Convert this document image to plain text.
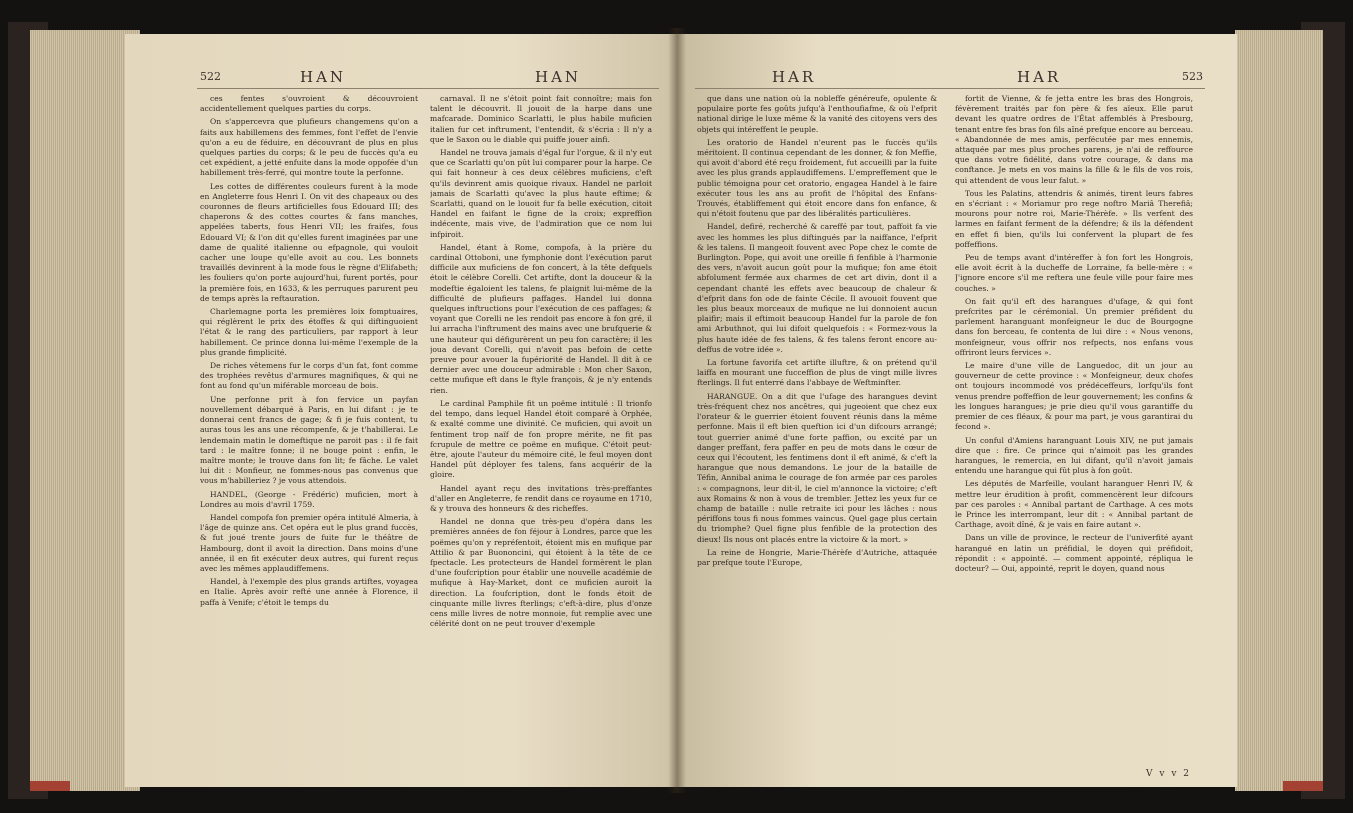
522	HAN	HAN

ces fentes s'ouvroient & découvroient accidentellement quelques parties du corps.

On s'appercevra que plufieurs changemens qu'on a faits aux habillemens des femmes, font l'effet de l'envie qu'on a eu de féduire, en découvrant de plus en plus quelques parties du corps; & le peu de fuccès qu'a eu cet expédient, a jetté enfuite dans la mode oppofée d'un habillement très-ferré, qui montre toute la perfonne.

Les cottes de différentes couleurs furent à la mode en Angleterre fous Henri I. On vit des chapeaux ou des couronnes de fleurs artificielles fous Edouard III; des chaperons & des cottes courtes & fans manches, appelées taberts, fous Henri VII; les fraifes, fous Edouard VI; & l'on dit qu'elles furent imaginées par une dame de qualité italienne ou efpagnole, qui vouloit cacher une loupe qu'elle avoit au cou. Les bonnets travaillés devinrent à la mode fous le règne d'Elifabeth; les fouliers qu'on porte aujourd'hui, furent portés, pour la première fois, en 1633, & les perruques parurent peu de temps après la reftauration.

Charlemagne porta les premières loix fomptuaires, qui réglèrent le prix des étoffes & qui diftinguoient l'état & le rang des particuliers, par rapport à leur habillement. Ce prince donna lui-même l'exemple de la plus grande fimplicité.

De riches vêtemens fur le corps d'un fat, font comme des trophées revêtus d'armures magnifiques, & qui ne font au fond qu'un miférable morceau de bois.

Une perfonne prit à fon fervice un payfan nouvellement débarqué à Paris, en lui difant : je te donnerai cent francs de gage; & fi je fuis content, tu auras tous les ans une récompenfe, & je t'habillerai. Le lendemain matin le domeftique ne paroit pas : il fe fait tard : le maître fonne; il ne bouge point : enfin, le maître monte; le trouve dans fon lit; fe fâche. Le valet lui dit : Monfieur, ne fommes-nous pas convenus que vous m'habilleriez ? je vous attendois.

HANDEL, (George - Frédéric) muficien, mort à Londres au mois d'avril 1759.

Handel compofa fon premier opéra intitulé Almeria, à l'âge de quinze ans. Cet opéra eut le plus grand fuccès, & fut joué trente jours de fuite fur le théâtre de Hambourg, dont il avoit la direction. Dans moins d'une année, il en fit exécuter deux autres, qui furent reçus avec les mêmes applaudiffemens.

Handel, à l'exemple des plus grands artiftes, voyagea en Italie. Après avoir refté une année à Florence, il paffa à Venife; c'étoit le temps du

carnaval. Il ne s'étoit point fait connoître; mais fon talent le découvrit. Il jouoit de la harpe dans une mafcarade. Dominico Scarlatti, le plus habile muficien italien fur cet inftrument, l'entendit, & s'écria : Il n'y a que le Saxon ou le diable qui puiffe jouer ainfi.

Handel ne trouva jamais d'égal fur l'orgue, & il n'y eut que ce Scarlatti qu'on pût lui comparer pour la harpe. Ce qui fait honneur à ces deux célèbres muficiens, c'eft qu'ils devinrent amis quoique rivaux. Handel ne parloit jamais de Scarlatti qu'avec la plus haute eftime; & Scarlatti, quand on le louoit fur fa belle exécution, citoit Handel en faifant le figne de la croix; expreffion indécente, mais vive, de l'admiration que ce nom lui infpiroit.

Handel, étant à Rome, compofa, à la prière du cardinal Ottoboni, une fymphonie dont l'exécution parut difficile aux muficiens de fon concert, à la tête defquels étoit le célèbre Corelli. Cet artifte, dont la douceur & la modeftie égaloient les talens, fe plaignit lui-même de la difficulté de plufieurs paffages. Handel lui donna quelques inftructions pour l'exécution de ces paffages; & voyant que Corelli ne les rendoit pas encore à fon gré, il lui arracha l'inftrument des mains avec une brufquerie & une hauteur qui défigurèrent un peu fon caractère; il les joua devant Corelli, qui n'avoit pas befoin de cette preuve pour avouer la fupériorité de Handel. Il dit à ce dernier avec une douceur admirable : Mon cher Saxon, cette mufique eft dans le ftyle françois, & je n'y entends rien.

Le cardinal Pamphile fit un poëme intitulé : Il trionfo del tempo, dans lequel Handel étoit comparé à Orphée, & exalté comme une divinité. Ce muficien, qui avoit un fentiment trop naïf de fon propre mérite, ne fit pas fcrupule de mettre ce poëme en mufique. C'étoit peut-être, ajoute l'auteur du mémoire cité, le feul moyen dont Handel pût déployer fes talens, fans acquérir de la gloire.

Handel ayant reçu des invitations très-preffantes d'aller en Angleterre, fe rendit dans ce royaume en 1710, & y trouva des honneurs & des richeffes.

Handel ne donna que très-peu d'opéra dans les premières années de fon féjour à Londres, parce que les poëmes qu'on y repréfentoit, étoient mis en mufique par Attilio & par Buononcini, qui étoient à la tête de ce fpectacle. Les protecteurs de Handel formèrent le plan d'une foufcription pour établir une nouvelle académie de mufique à Hay-Market, dont ce muficien auroit la direction. La foufcription, dont le fonds étoit de cinquante mille livres fterlings; c'eft-à-dire, plus d'onze cens mille livres de notre monnoie, fut remplie avec une célérité dont on ne peut trouver d'exemple

HAR	HAR	523

que dans une nation où la nobleffe généreufe, opulente & populaire porte fes goûts jufqu'à l'enthoufiafme, & où l'efprit national dirige le luxe même & la vanité des citoyens vers des objets qui intéreffent le peuple.

Les oratorio de Handel n'eurent pas le fuccès qu'ils méritoient. Il continua cependant de les donner, & fon Meffie, qui avoit d'abord été reçu froidement, fut accueilli par la fuite avec les plus grands applaudiffemens. L'empreffement que le public témoigna pour cet oratorio, engagea Handel à le faire exécuter tous les ans au profit de l'hôpital des Enfans-Trouvés, établiffement qui étoit encore dans fon enfance, & qui n'étoit foutenu que par des libéralités particulières.

Handel, defiré, recherché & careffé par tout, paffoit fa vie avec les hommes les plus diftingués par la naiffance, l'efprit & les talens. Il mangeoit fouvent avec Pope chez le comte de Burlington. Pope, qui avoit une oreille fi fenfible à l'harmonie des vers, n'avoit aucun goût pour la mufique; fon ame étoit abfolument fermée aux charmes de cet art divin, dont il a cependant chanté les effets avec beaucoup de chaleur & d'efprit dans fon ode de fainte Cécile. Il avouoit fouvent que les plus beaux morceaux de mufique ne lui donnoient aucun plaifir; mais il eftimoit beaucoup Handel fur la parole de fon ami Arbuthnot, qui lui difoit quelquefois : « Formez-vous la plus haute idée de fes talens, & fes talens feront encore au-deffus de votre idée ».

La fortune favorifa cet artifte illuftre, & on prétend qu'il laiffa en mourant une fucceffion de plus de vingt mille livres fterlings. Il fut enterré dans l'abbaye de Weftminfter.

HARANGUE. On a dit que l'ufage des harangues devint très-fréquent chez nos ancêtres, qui jugeoient que chez eux l'orateur & le guerrier étoient fouvent réunis dans la même perfonne. Mais il eft bien queftion ici d'un difcours arrangé; tout guerrier animé d'une forte paffion, ou excité par un danger preffant, fera paffer en peu de mots dans le cœur de ceux qui l'écoutent, les fentimens dont il eft animé, & c'eft la harangue que nous demandons. Le jour de la bataille de Téfin, Annibal anima le courage de fon armée par ces paroles : « compagnons, leur dit-il, le ciel m'annonce la victoire; c'eft aux Romains & non à vous de trembler. Jettez les yeux fur ce champ de bataille : nulle retraite ici pour les lâches : nous périffons tous fi nous fommes vaincus. Quel gage plus certain du triomphe? Quel figne plus fenfible de la protection des dieux! Ils nous ont placés entre la victoire & la mort. »

La reine de Hongrie, Marie-Thérèfe d'Autriche, attaquée par prefque toute l'Europe,

fortit de Vienne, & fe jetta entre les bras des Hongrois, févèrement traités par fon père & fes aïeux. Elle parut devant les quatre ordres de l'État affemblés à Presbourg, tenant entre fes bras fon fils aîné prefque encore au berceau. « Abandonnée de mes amis, perfécutée par mes ennemis, attaquée par mes plus proches parens, je n'ai de reffource que dans votre fidélité, dans votre courage, & dans ma conftance. Je mets en vos mains la fille & le fils de vos rois, qui attendent de vous leur falut. »

Tous les Palatins, attendris & animés, tirent leurs fabres en s'écriant : « Moriamur pro rege noftro Mariâ Therefiâ; mourons pour notre roi, Marie-Thérèfe. » Ils verfent des larmes en faifant ferment de la défendre; & ils la défendent en effet fi bien, qu'ils lui confervent la plupart de fes poffeffions.

Peu de temps avant d'intéreffer à fon fort les Hongrois, elle avoit écrit à la ducheffe de Lorraine, fa belle-mère : « J'ignore encore s'il me reftera une feule ville pour faire mes couches. »

On fait qu'il eft des harangues d'ufage, & qui font prefcrites par le cérémonial. Un premier préfident du parlement haranguant monfeigneur le duc de Bourgogne dans fon berceau, fe contenta de lui dire : « Nous venons, monfeigneur, vous offrir nos refpects, nos enfans vous offriront leurs fervices ».

Le maire d'une ville de Languedoc, dit un jour au gouverneur de cette province : « Monfeigneur, deux chofes ont toujours incommodé vos prédéceffeurs, lorfqu'ils font venus prendre poffeffion de leur gouvernement; les confins & les longues harangues; je prie dieu qu'il vous garantiffe du premier de ces fléaux, & pour ma part, je vous garantirai du fecond ».

Un conful d'Amiens haranguant Louis XIV, ne put jamais dire que : fire. Ce prince qui n'aimoit pas les grandes harangues, le remercia, en lui difant, qu'il n'avoit jamais entendu une harangue qui fût plus à fon goût.

Les députés de Marfeille, voulant haranguer Henri IV, & mettre leur érudition à profit, commencèrent leur difcours par ces paroles : « Annibal partant de Carthage. A ces mots le Prince les interrompant, leur dit : « Annibal partant de Carthage, avoit dîné, & je vais en faire autant ».

Dans un ville de province, le recteur de l'univerfité ayant harangué en latin un préfidial, le doyen qui préfidoit, répondit : « appointé. — comment appointé, répliqua le docteur? — Oui, appointé, reprit le doyen, quand nous

V v v 2
